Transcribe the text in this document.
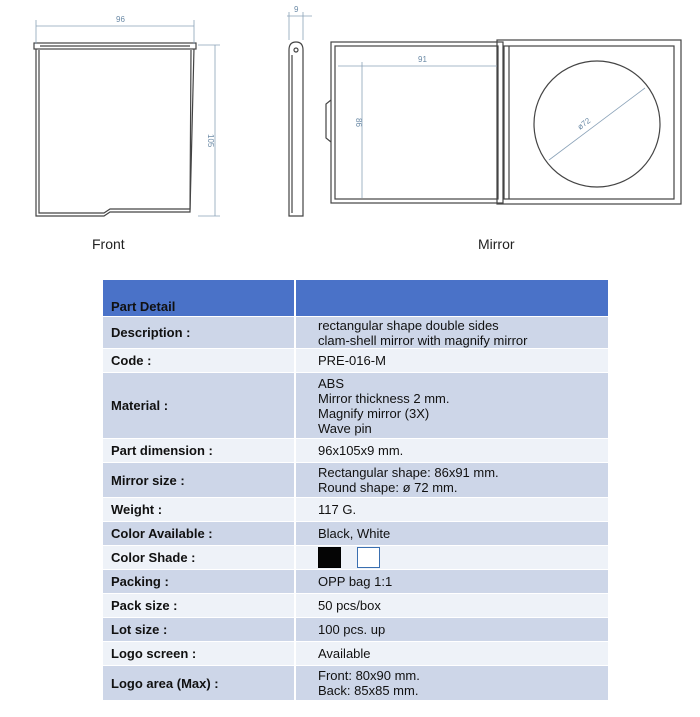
96
105
9
91
86	ø72
Front	Mirror
Part Detail	
Description :	rectangular shape double sides
clam-shell mirror with magnify mirror

Code :	PRE-016-M

Material :	ABS
Mirror thickness 2 mm.
Magnify mirror (3X)
Wave pin

Part dimension :	96x105x9 mm.

Mirror size :	Rectangular shape: 86x91 mm.
Round shape: ø 72 mm.

Weight :	117 G.

Color Available :	Black, White

Color Shade :	
Packing :	OPP bag 1:1

Pack size :	50 pcs/box

Lot size :	100 pcs. up

Logo screen :	Available

Logo area (Max) :	Front: 80x90 mm.
Back: 85x85 mm.
